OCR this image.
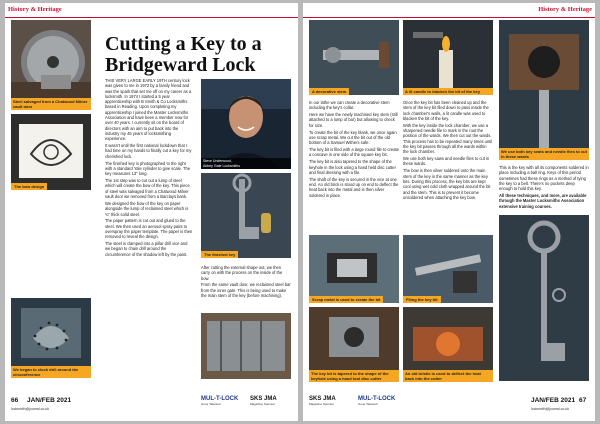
History & Heritage
Steel salvaged from a Chatwood Milner vault door
The bow design
We began to clock drill around the circumference
Cutting a Key to a Bridgeward Lock

THIS VERY LARGE EARLY 19TH century lock was given to me in 1972 by a family friend and was the spark that set me off on my career as a locksmith. In 1974 I started a 5 year apprenticeship with B Smith & Co Locksmiths based in Reading. Upon completing my apprenticeship I joined the Master Locksmiths Association and have been a member now for over 40 years. I currently sit on the board of directors with an aim to put back into the industry my 45 years of locksmithing experience.

It wasn't until the first national lockdown that I had time on my hands to finally cut a key for my cherished lock.

The finished key is photographed to the right with a standard Yale cylinder to give scale. The key measures 13" long.

The 1st step was to cut out a lump of steel which will create the bow of the key. This piece of steel was salvaged from a Chatwood Milner vault door we removed from a Barclays bank.

We designed the bow of the key on paper alongside the lump of reclaimed steel which is ¾" thick solid steel.

The paper pattern is cut out and glued to the steel. We then used an aerosol spray paint to overspray the paper template. The paper is then removed to reveal the design.

The steel is clamped into a pillar drill vice and we began to chain drill around the circumference of the shadow left by the paint.

Steve Underwood,
Abbey Gate Locksmiths
The finished key

After cutting the external shape out, we then carry on with the process on the inside of the bow.

From the same vault door, we reclaimed steel bar from the inner gate. This is being used to make the main stem of the key (before machining).

66 JAN/FEB 2021
locksmith@journal.co.uk
MUL-T-LOCK
Gone Talented
SKS JMA
Magazine Sponsor
History & Heritage
A decorative stem

In our lathe we can create a decorative stem including the key's collar.

Here we have the newly machined key stem (still attached to a lump of bar) but allowing to check for size.

To create the bit of the key blank, we once again use scrap metal. We cut the bit out of the old bottom of a Samuel Withers safe.

The key bit is filed with a large round file to create a concave in one side of the square key bit.

The key bit is also tapered to the shape of the keyhole in the lock using a hand held disc cutter and final dressing with a file.

The shaft of the key is secured in the vice at one end. An old brick is stood up on end to deflect the heat back into the metal and is then silver soldered in place.

Scrap metal is used to create the bit
The key bit is tapered to the shape of the keyhole using a hand tool disc cutter
A lit candle to blacken the bit of the key

Once the key bit has been cleaned up and the stem of the key bit filed down to pass inside the lock chamber's walls, a lit candle was used to blacken the bit of the key.

With the key inside the lock chamber, we use a sharpened needle file to mark in the root the position of the wards. We then cut out the wards. This process has to be repeated many times until the key bit passes through all the wards within the lock chamber.

We use both key saws and needle files to cut in these wards.

The bow is then silver soldered onto the main stem of the key in the same manner as the key bits. During this process, the key bits are kept cool using wet cold cloth wrapped around the bit and the stem. This is to prevent it become unsoldered when attaching the key bow.

Filing the key bit
An old bristle is used to deflect the heat back into the cutter
We use both key seats and needle files to cut in these wards

This is the key with all its components soldered in place including a ball ring. Keys of this period sometimes had these rings as a method of tying the key to a belt. There's no pockets deep enough to hold this key.

All these techniques, and more, are available through the Master Locksmiths Association extensive training courses.

SKS JMA
Magazine Sponsor
MUL-T-LOCK
Gone Talented	JAN/FEB 2021 67
locksmith@journal.co.uk
